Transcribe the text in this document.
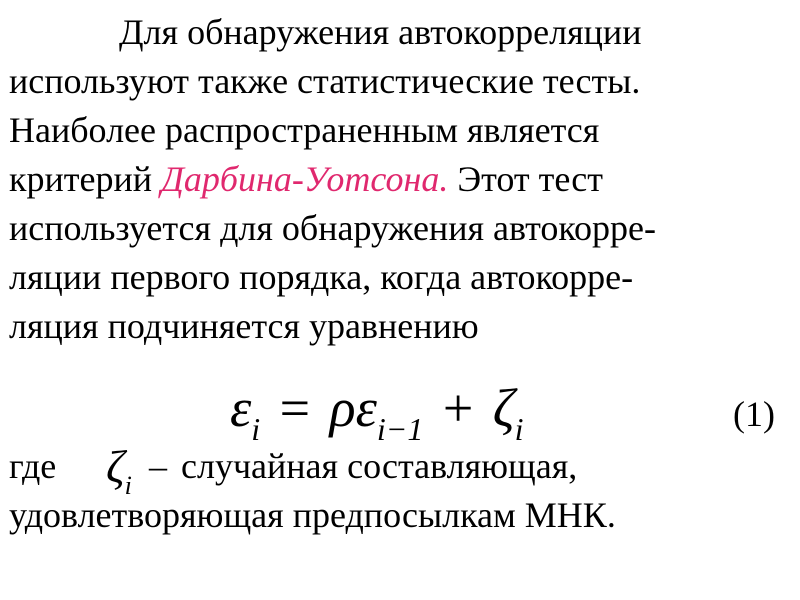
Для обнаружения автокорреляции
используют также статистические тесты.
Наиболее распространенным является
критерий Дарбина-Уотсона. Этот тест
используется для обнаружения автокорре-
ляции первого порядка, когда автокорре-
ляция подчиняется уравнению
$\varepsilon_i = \rho\varepsilon_{i-1} + \zeta_i$	(1)
где $\zeta_i$ – случайная составляющая,
удовлетворяющая предпосылкам МНК.
